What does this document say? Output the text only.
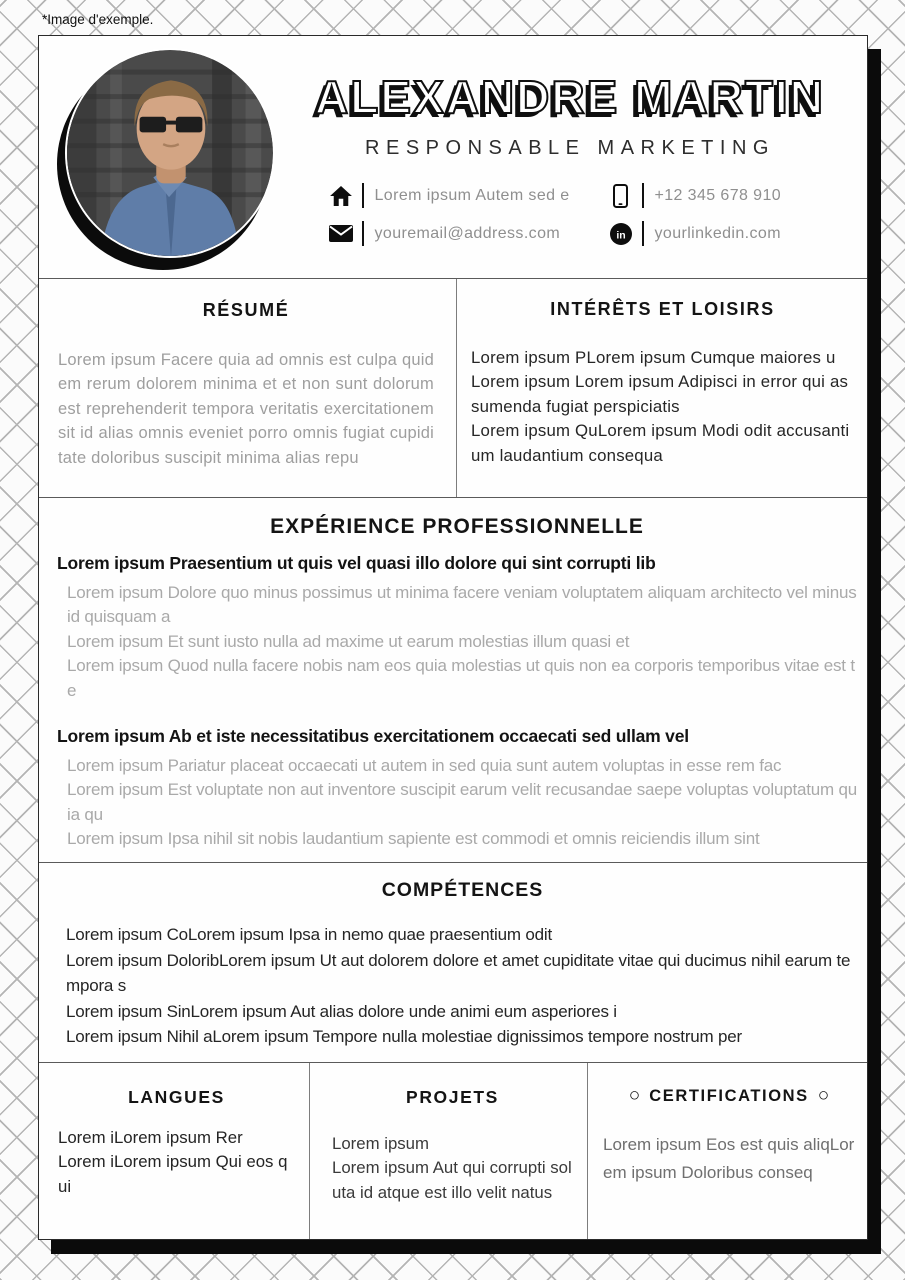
*Image d'exemple.
ALEXANDRE MARTIN
RESPONSABLE MARKETING
Lorem ipsum Autem sed e	+12 345 678 910
youremail@address.com	in yourlinkedin.com
RÉSUMÉ
Lorem ipsum Facere quia ad omnis est culpa quidem rerum dolorem minima et et non sunt dolorum est reprehenderit tempora veritatis exercitationem sit id alias omnis eveniet porro omnis fugiat cupiditate doloribus suscipit minima alias repu
INTÉRÊTS ET LOISIRS
Lorem ipsum PLorem ipsum Cumque maiores u
Lorem ipsum Lorem ipsum Adipisci in error qui assumenda fugiat perspiciatis
Lorem ipsum QuLorem ipsum Modi odit accusantium laudantium consequa
EXPÉRIENCE PROFESSIONNELLE
Lorem ipsum Praesentium ut quis vel quasi illo dolore qui sint corrupti lib
Lorem ipsum Dolore quo minus possimus ut minima facere veniam voluptatem aliquam architecto vel minus id quisquam a
Lorem ipsum Et sunt iusto nulla ad maxime ut earum molestias illum quasi et
Lorem ipsum Quod nulla facere nobis nam eos quia molestias ut quis non ea corporis temporibus vitae est te
Lorem ipsum Ab et iste necessitatibus exercitationem occaecati sed ullam vel
Lorem ipsum Pariatur placeat occaecati ut autem in sed quia sunt autem voluptas in esse rem fac
Lorem ipsum Est voluptate non aut inventore suscipit earum velit recusandae saepe voluptas voluptatum quia qu
Lorem ipsum Ipsa nihil sit nobis laudantium sapiente est commodi et omnis reiciendis illum sint
COMPÉTENCES
Lorem ipsum CoLorem ipsum Ipsa in nemo quae praesentium odit
Lorem ipsum DoloribLorem ipsum Ut aut dolorem dolore et amet cupiditate vitae qui ducimus nihil earum tempora s
Lorem ipsum SinLorem ipsum Aut alias dolore unde animi eum asperiores i
Lorem ipsum Nihil aLorem ipsum Tempore nulla molestiae dignissimos tempore nostrum per
LANGUES
Lorem iLorem ipsum Rer
Lorem iLorem ipsum Qui eos qui
PROJETS
Lorem ipsum
Lorem ipsum Aut qui corrupti soluta id atque est illo velit natus
○ CERTIFICATIONS ○
Lorem ipsum Eos est quis aliqLorem ipsum Doloribus conseq
